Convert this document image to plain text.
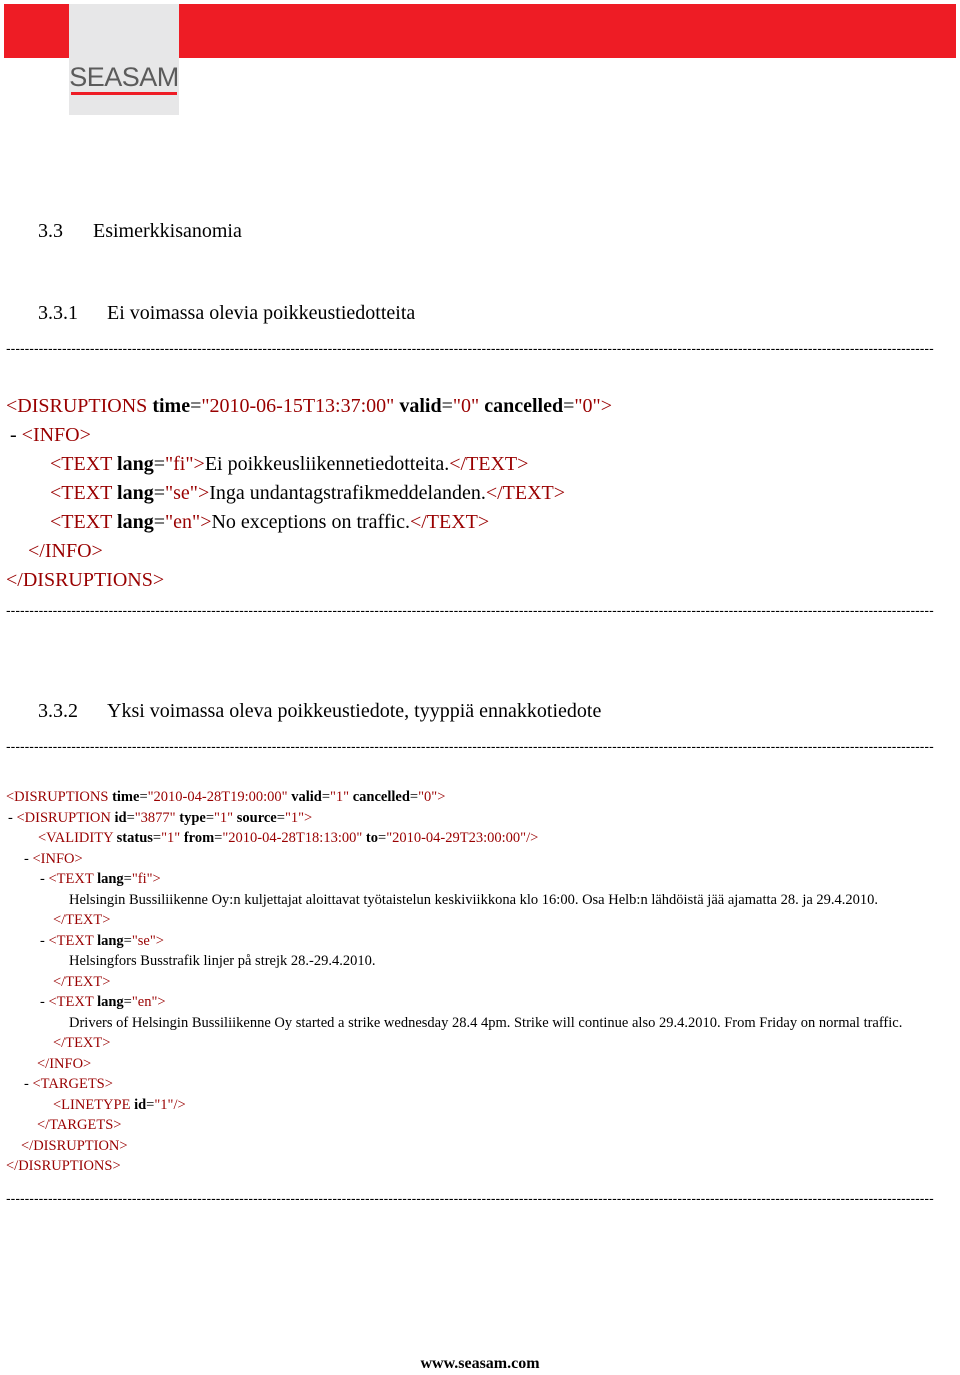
SEASAM
3.3 Esimerkkisanomia
3.3.1 Ei voimassa olevia poikkeustiedotteita
-------------------------------------------------------------------------------------------------------------------------------------------------------------------------------------------------------
<DISRUPTIONS time="2010-06-15T13:37:00" valid="0" cancelled="0">
- <INFO>
<TEXT lang="fi">Ei poikkeusliikennetiedotteita.</TEXT>
<TEXT lang="se">Inga undantagstrafikmeddelanden.</TEXT>
<TEXT lang="en">No exceptions on traffic.</TEXT>
</INFO>
</DISRUPTIONS>
-------------------------------------------------------------------------------------------------------------------------------------------------------------------------------------------------------
3.3.2 Yksi voimassa oleva poikkeustiedote, tyyppiä ennakkotiedote
-------------------------------------------------------------------------------------------------------------------------------------------------------------------------------------------------------
<DISRUPTIONS time="2010-04-28T19:00:00" valid="1" cancelled="0">
- <DISRUPTION id="3877" type="1" source="1">
<VALIDITY status="1" from="2010-04-28T18:13:00" to="2010-04-29T23:00:00"/>
- <INFO>
- <TEXT lang="fi">
Helsingin Bussiliikenne Oy:n kuljettajat aloittavat työtaistelun keskiviikkona klo 16:00. Osa Helb:n lähdöistä jää ajamatta 28. ja 29.4.2010.
</TEXT>
- <TEXT lang="se">
Helsingfors Busstrafik linjer på strejk 28.-29.4.2010.
</TEXT>
- <TEXT lang="en">
Drivers of Helsingin Bussiliikenne Oy started a strike wednesday 28.4 4pm. Strike will continue also 29.4.2010. From Friday on normal traffic.
</TEXT>
</INFO>
- <TARGETS>
<LINETYPE id="1"/>
</TARGETS>
</DISRUPTION>
</DISRUPTIONS>
-------------------------------------------------------------------------------------------------------------------------------------------------------------------------------------------------------
www.seasam.com
